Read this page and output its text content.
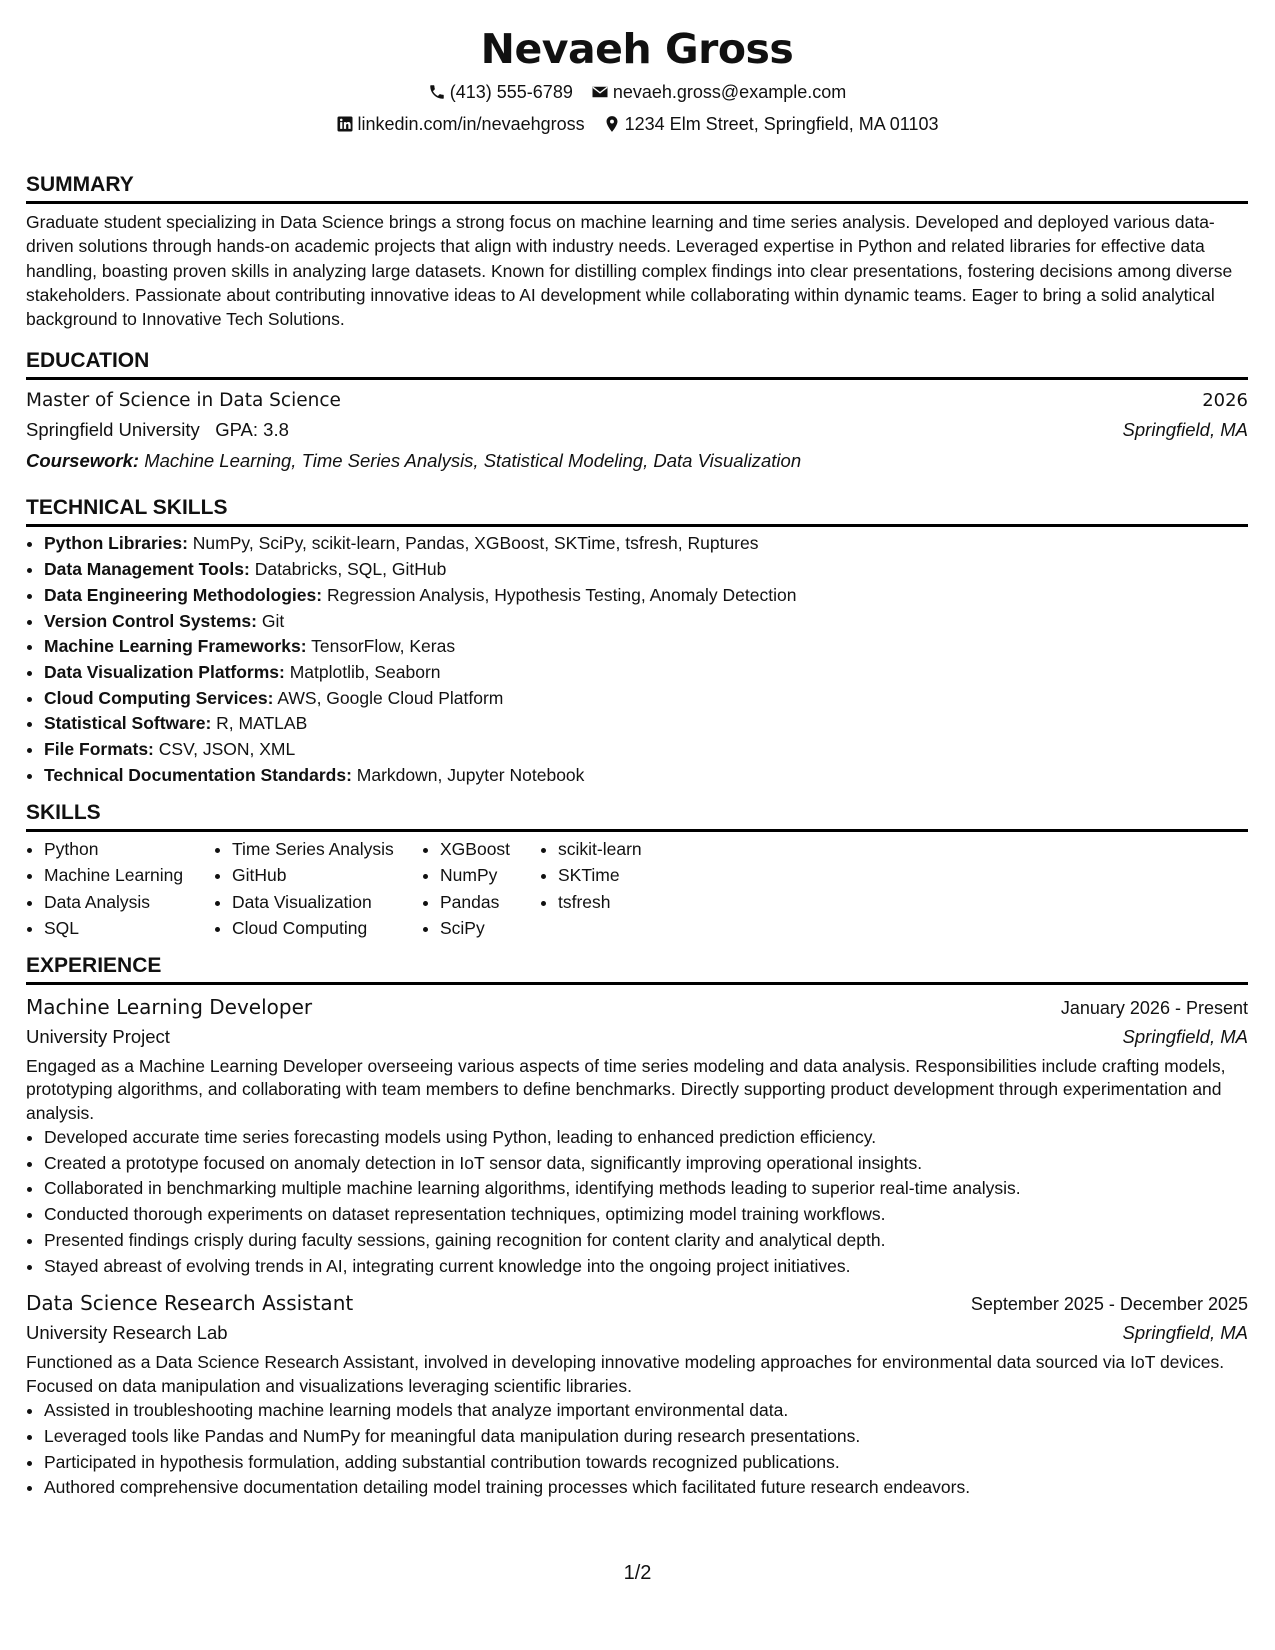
Nevaeh Gross
(413) 555-6789 nevaeh.gross@example.com
linkedin.com/in/nevaehgross 1234 Elm Street, Springfield, MA 01103
SUMMARY
Graduate student specializing in Data Science brings a strong focus on machine learning and time series analysis. Developed and deployed various data-driven solutions through hands-on academic projects that align with industry needs. Leveraged expertise in Python and related libraries for effective data handling, boasting proven skills in analyzing large datasets. Known for distilling complex findings into clear presentations, fostering decisions among diverse stakeholders. Passionate about contributing innovative ideas to AI development while collaborating within dynamic teams. Eager to bring a solid analytical background to Innovative Tech Solutions.
EDUCATION
Master of Science in Data Science	2026
Springfield University GPA: 3.8	Springfield, MA
Coursework: Machine Learning, Time Series Analysis, Statistical Modeling, Data Visualization
TECHNICAL SKILLS
• Python Libraries: NumPy, SciPy, scikit-learn, Pandas, XGBoost, SKTime, tsfresh, Ruptures
• Data Management Tools: Databricks, SQL, GitHub
• Data Engineering Methodologies: Regression Analysis, Hypothesis Testing, Anomaly Detection
• Version Control Systems: Git
• Machine Learning Frameworks: TensorFlow, Keras
• Data Visualization Platforms: Matplotlib, Seaborn
• Cloud Computing Services: AWS, Google Cloud Platform
• Statistical Software: R, MATLAB
• File Formats: CSV, JSON, XML
• Technical Documentation Standards: Markdown, Jupyter Notebook
SKILLS
• Python
• Machine Learning
• Data Analysis
• SQL
• Time Series Analysis
• GitHub
• Data Visualization
• Cloud Computing
• XGBoost
• NumPy
• Pandas
• SciPy
• scikit-learn
• SKTime
• tsfresh
EXPERIENCE
Machine Learning Developer	January 2026 - Present
University Project	Springfield, MA
Engaged as a Machine Learning Developer overseeing various aspects of time series modeling and data analysis. Responsibilities include crafting models, prototyping algorithms, and collaborating with team members to define benchmarks. Directly supporting product development through experimentation and analysis.
• Developed accurate time series forecasting models using Python, leading to enhanced prediction efficiency.
• Created a prototype focused on anomaly detection in IoT sensor data, significantly improving operational insights.
• Collaborated in benchmarking multiple machine learning algorithms, identifying methods leading to superior real-time analysis.
• Conducted thorough experiments on dataset representation techniques, optimizing model training workflows.
• Presented findings crisply during faculty sessions, gaining recognition for content clarity and analytical depth.
• Stayed abreast of evolving trends in AI, integrating current knowledge into the ongoing project initiatives.
Data Science Research Assistant	September 2025 - December 2025
University Research Lab	Springfield, MA
Functioned as a Data Science Research Assistant, involved in developing innovative modeling approaches for environmental data sourced via IoT devices. Focused on data manipulation and visualizations leveraging scientific libraries.
• Assisted in troubleshooting machine learning models that analyze important environmental data.
• Leveraged tools like Pandas and NumPy for meaningful data manipulation during research presentations.
• Participated in hypothesis formulation, adding substantial contribution towards recognized publications.
• Authored comprehensive documentation detailing model training processes which facilitated future research endeavors.
1/2
